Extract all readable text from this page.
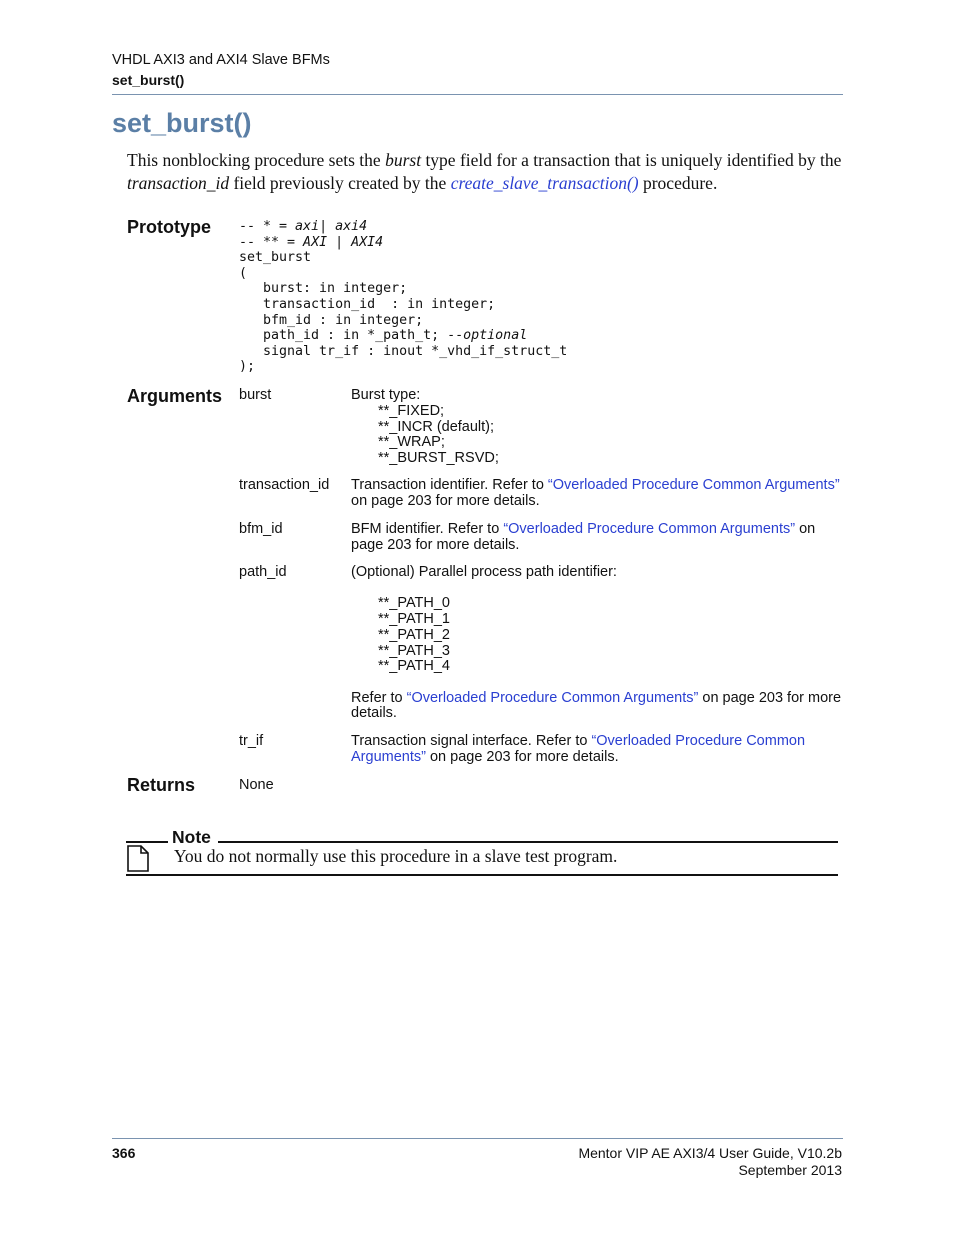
VHDL AXI3 and AXI4 Slave BFMs
set_burst()
set_burst()
This nonblocking procedure sets the burst type field for a transaction that is uniquely identified by the transaction_id field previously created by the create_slave_transaction() procedure.
Prototype -- * = axi| axi4
-- ** = AXI | AXI4
set_burst
(
burst: in integer;
transaction_id  : in integer;
bfm_id : in integer;
path_id : in *_path_t; --optional
signal tr_if : inout *_vhd_if_struct_t
);
Arguments burst	Burst type:
**_FIXED;
**_INCR (default);
**_WRAP;
**_BURST_RSVD;
transaction_id Transaction identifier. Refer to “Overloaded Procedure Common Arguments” on page 203 for more details.
bfm_id	BFM identifier. Refer to “Overloaded Procedure Common Arguments” on page 203 for more details.
path_id	(Optional) Parallel process path identifier:
**_PATH_0
**_PATH_1
**_PATH_2
**_PATH_3
**_PATH_4
Refer to “Overloaded Procedure Common Arguments” on page 203 for more details.
tr_if	Transaction signal interface. Refer to “Overloaded Procedure Common Arguments” on page 203 for more details.
Returns	None
Note
You do not normally use this procedure in a slave test program.
366	Mentor VIP AE AXI3/4 User Guide, V10.2b
September 2013
